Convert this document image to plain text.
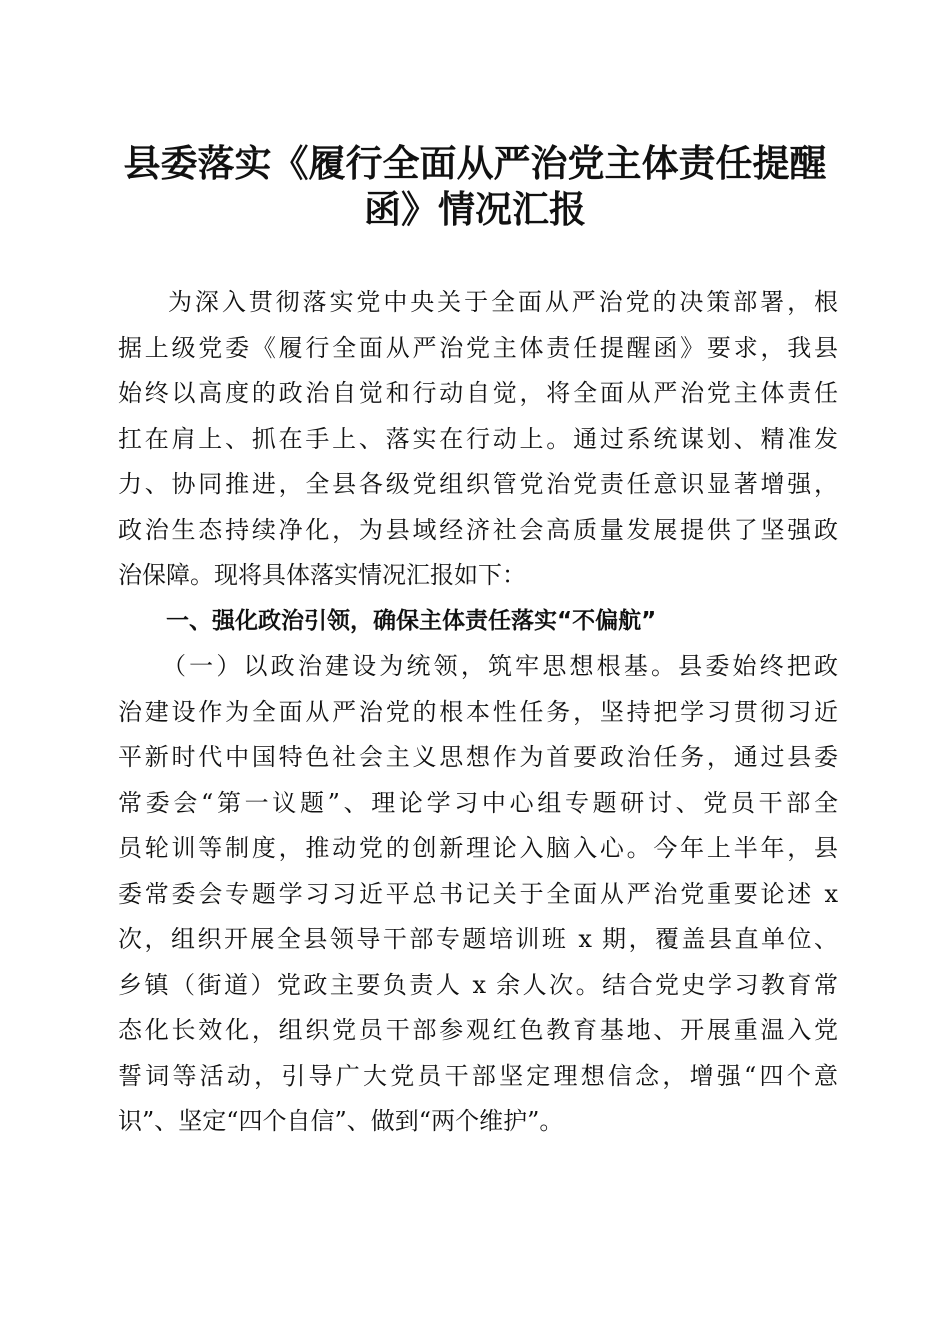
县委落实《履行全面从严治党主体责任提醒
函》情况汇报
为深入贯彻落实党中央关于全面从严治党的决策部署，根
据上级党委《履行全面从严治党主体责任提醒函》要求，我县
始终以高度的政治自觉和行动自觉，将全面从严治党主体责任
扛在肩上、抓在手上、落实在行动上。通过系统谋划、精准发
力、协同推进，全县各级党组织管党治党责任意识显著增强，
政治生态持续净化，为县域经济社会高质量发展提供了坚强政
治保障。现将具体落实情况汇报如下：
一、强化政治引领，确保主体责任落实“不偏航”
（一）以政治建设为统领，筑牢思想根基。县委始终把政
治建设作为全面从严治党的根本性任务，坚持把学习贯彻习近
平新时代中国特色社会主义思想作为首要政治任务，通过县委
常委会“第一议题”、理论学习中心组专题研讨、党员干部全
员轮训等制度，推动党的创新理论入脑入心。今年上半年，县
委常委会专题学习习近平总书记关于全面从严治党重要论述 x
次，组织开展全县领导干部专题培训班 x 期，覆盖县直单位、
乡镇（街道）党政主要负责人 x 余人次。结合党史学习教育常
态化长效化，组织党员干部参观红色教育基地、开展重温入党
誓词等活动，引导广大党员干部坚定理想信念，增强“四个意
识”、坚定“四个自信”、做到“两个维护”。
